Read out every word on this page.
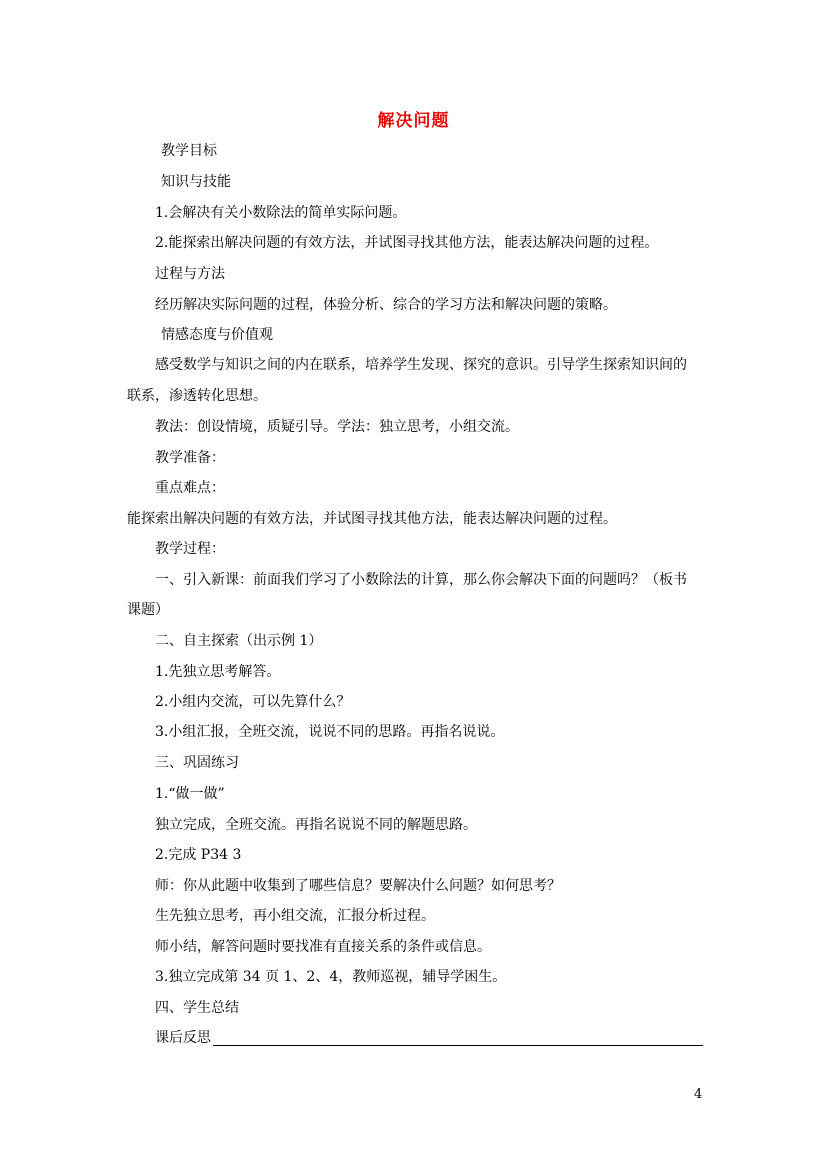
解决问题
教学目标
知识与技能
1.会解决有关小数除法的简单实际问题。
2.能探索出解决问题的有效方法，并试图寻找其他方法，能表达解决问题的过程。
过程与方法
经历解决实际问题的过程，体验分析、综合的学习方法和解决问题的策略。
情感态度与价值观
感受数学与知识之间的内在联系，培养学生发现、探究的意识。引导学生探索知识间的
联系，渗透转化思想。
教法：创设情境，质疑引导。学法：独立思考，小组交流。
教学准备：
重点难点：
能探索出解决问题的有效方法，并试图寻找其他方法，能表达解决问题的过程。
教学过程：
一、引入新课：前面我们学习了小数除法的计算，那么你会解决下面的问题吗？（板书
课题）
二、自主探索（出示例 1）
1.先独立思考解答。
2.小组内交流，可以先算什么？
3.小组汇报，全班交流，说说不同的思路。再指名说说。
三、巩固练习
1.“做一做”
独立完成，全班交流。再指名说说不同的解题思路。
2.完成 P34 3
师：你从此题中收集到了哪些信息？要解决什么问题？如何思考？
生先独立思考，再小组交流，汇报分析过程。
师小结，解答问题时要找准有直接关系的条件或信息。
3.独立完成第 34 页 1、2、4，教师巡视，辅导学困生。
四、学生总结
课后反思
4
